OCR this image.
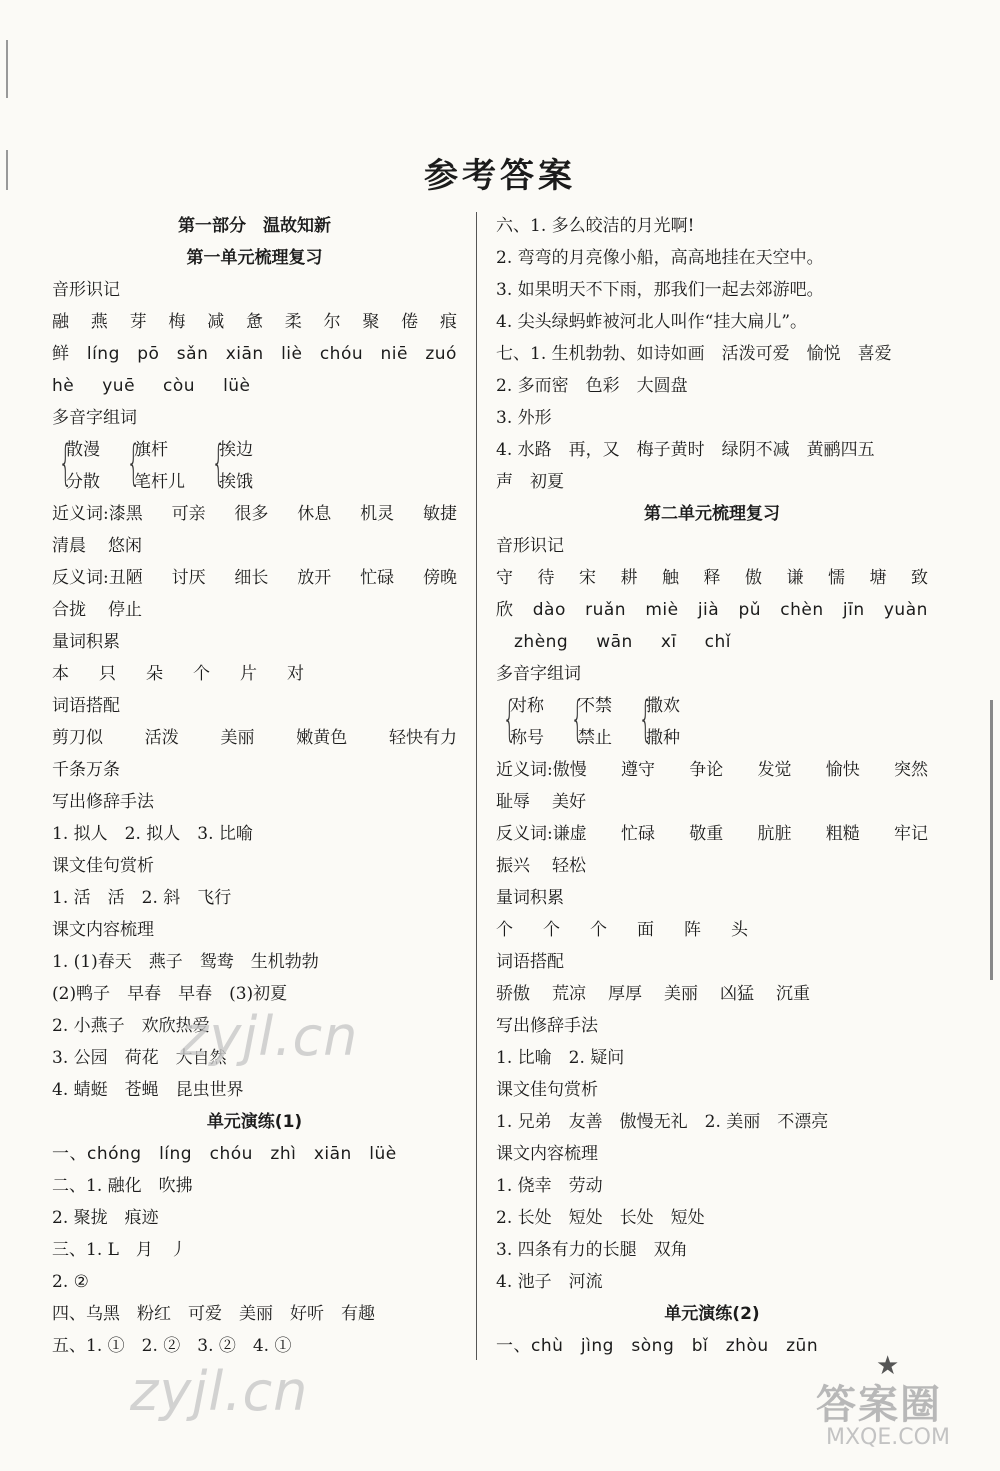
参考答案
第一部分　温故知新
第一单元梳理复习
音形识记
融 燕 芽 梅 减 惫 柔 尔 聚 倦 痕
鲜 líng pō sǎn xiān liè chóu niē zuó
hè yuē còu lüè
多音字组词
{
散漫
分散 {
旗杆
笔杆儿 {
挨边
挨饿
近义词:漆黑 可亲 很多 休息 机灵 敏捷
清晨 悠闲
反义词:丑陋 讨厌 细长 放开 忙碌 傍晚
合拢 停止
量词积累
本 只 朵 个 片 对
词语搭配
剪刀似 活泼 美丽 嫩黄色 轻快有力
千条万条
写出修辞手法
1. 拟人　2. 拟人　3. 比喻
课文佳句赏析
1. 活　活　2. 斜　飞行
课文内容梳理
1. (1)春天　燕子　鸳鸯　生机勃勃
(2)鸭子　早春　早春　(3)初夏
2. 小燕子　欢欣热爱
3. 公园　荷花　大自然
4. 蜻蜓　苍蝇　昆虫世界
单元演练(1)
一、chóng　líng　chóu　zhì　xiān　lüè
二、1. 融化　吹拂
2. 聚拢　痕迹
三、1. L　月　丿
2. ②
四、乌黑　粉红　可爱　美丽　好听　有趣
五、1. ①　2. ②　3. ②　4. ①
六、1. 多么皎洁的月光啊!
2. 弯弯的月亮像小船，高高地挂在天空中。
3. 如果明天不下雨，那我们一起去郊游吧。
4. 尖头绿蚂蚱被河北人叫作“挂大扁儿”。
七、1. 生机勃勃、如诗如画　活泼可爱　愉悦　喜爱
2. 多而密　色彩　大圆盘
3. 外形
4. 水路　再，又　梅子黄时　绿阴不减　黄鹂四五
声　初夏
第二单元梳理复习
音形识记
守 待 宋 耕 触 释 傲 谦 懦 塘 致
欣 dào ruǎn miè jià pǔ chèn jīn yuàn
zhèng wān xī chǐ
多音字组词
{
对称
称号 {
不禁
禁止 {
撒欢
撒种
近义词:傲慢 遵守 争论 发觉 愉快 突然
耻辱 美好
反义词:谦虚 忙碌 敬重 肮脏 粗糙 牢记
振兴 轻松
量词积累
个 个 个 面 阵 头
词语搭配
骄傲 荒凉 厚厚 美丽 凶猛 沉重
写出修辞手法
1. 比喻　2. 疑问
课文佳句赏析
1. 兄弟　友善　傲慢无礼　2. 美丽　不漂亮
课文内容梳理
1. 侥幸　劳动
2. 长处　短处　长处　短处
3. 四条有力的长腿　双角
4. 池子　河流
单元演练(2)
一、chù　jìng　sòng　bǐ　zhòu　zūn
zyjl.cn
zyjl.cn	★
答案圈
MXQE.COM
